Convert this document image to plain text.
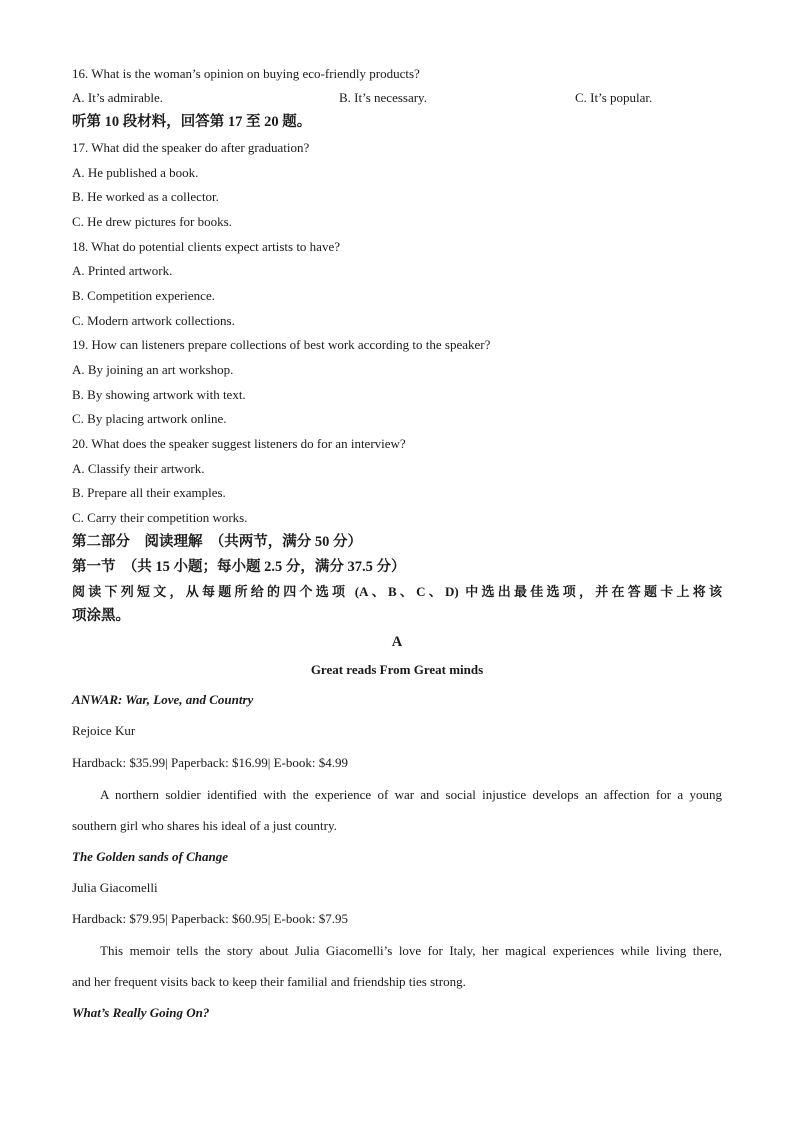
16. What is the woman’s opinion on buying eco-friendly products?
A. It’s admirable.	B. It’s necessary.	C. It’s popular.
听第 10 段材料，回答第 17 至 20 题。
17. What did the speaker do after graduation?
A. He published a book.
B. He worked as a collector.
C. He drew pictures for books.
18. What do potential clients expect artists to have?
A. Printed artwork.
B. Competition experience.
C. Modern artwork collections.
19. How can listeners prepare collections of best work according to the speaker?
A. By joining an art workshop.
B. By showing artwork with text.
C. By placing artwork online.
20. What does the speaker suggest listeners do for an interview?
A. Classify their artwork.
B. Prepare all their examples.
C. Carry their competition works.
第二部分　阅读理解　（共两节，满分 50 分）
第一节　（共 15 小题；每小题 2.5 分，满分 37.5 分）
阅读下列短文，从每题所给的四个选项 (A、B、C、D) 中选出最佳选项，并在答题卡上将该
项涂黑。
A
Great reads From Great minds
ANWAR: War, Love, and Country
Rejoice Kur
Hardback: $35.99| Paperback: $16.99| E-book: $4.99
A northern soldier identified with the experience of war and social injustice develops an affection for a young
southern girl who shares his ideal of a just country.
The Golden sands of Change
Julia Giacomelli
Hardback: $79.95| Paperback: $60.95| E-book: $7.95
This memoir tells the story about Julia Giacomelli’s love for Italy, her magical experiences while living there,
and her frequent visits back to keep their familial and friendship ties strong.
What’s Really Going On?
